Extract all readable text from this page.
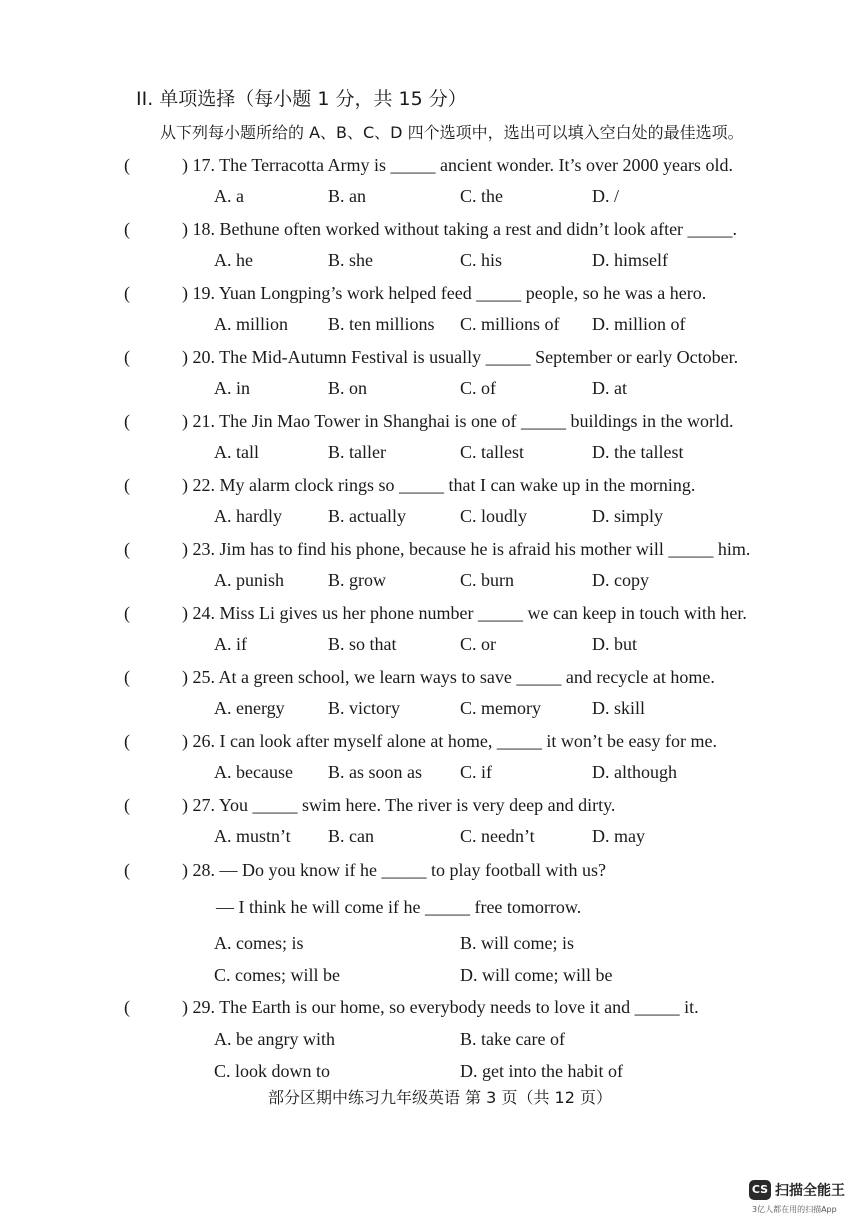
II. 单项选择（每小题 1 分，共 15 分）
从下列每小题所给的 A、B、C、D 四个选项中，选出可以填入空白处的最佳选项。
(	) 17. The Terracotta Army is _____ ancient wonder. It’s over 2000 years old.
A. a	B. an	C. the	D. /
(	) 18. Bethune often worked without taking a rest and didn’t look after _____.
A. he	B. she	C. his	D. himself
(	) 19. Yuan Longping’s work helped feed _____ people, so he was a hero.
A. million B. ten millions C. millions of D. million of
(	) 20. The Mid-Autumn Festival is usually _____ September or early October.
A. in	B. on	C. of	D. at
(	) 21. The Jin Mao Tower in Shanghai is one of _____ buildings in the world.
A. tall	B. taller	C. tallest	D. the tallest
(	) 22. My alarm clock rings so _____ that I can wake up in the morning.
A. hardly	B. actually	C. loudly	D. simply
(	) 23. Jim has to find his phone, because he is afraid his mother will _____ him.
A. punish B. grow	C. burn	D. copy
(	) 24. Miss Li gives us her phone number _____ we can keep in touch with her.
A. if	B. so that	C. or	D. but
(	) 25. At a green school, we learn ways to save _____ and recycle at home.
A. energy B. victory	C. memory	D. skill
(	) 26. I can look after myself alone at home, _____ it won’t be easy for me.
A. because B. as soon as C. if	D. although
(	) 27. You _____ swim here. The river is very deep and dirty.
A. mustn’t B. can	C. needn’t	D. may
(	) 28. — Do you know if he _____ to play football with us?
— I think he will come if he _____ free tomorrow.
A. comes; is	B. will come; is
C. comes; will be	D. will come; will be
(	) 29. The Earth is our home, so everybody needs to love it and _____ it.
A. be angry with	B. take care of
C. look down to	D. get into the habit of
部分区期中练习九年级英语 第 3 页（共 12 页）
CS 扫描全能王
3亿人都在用的扫描App
